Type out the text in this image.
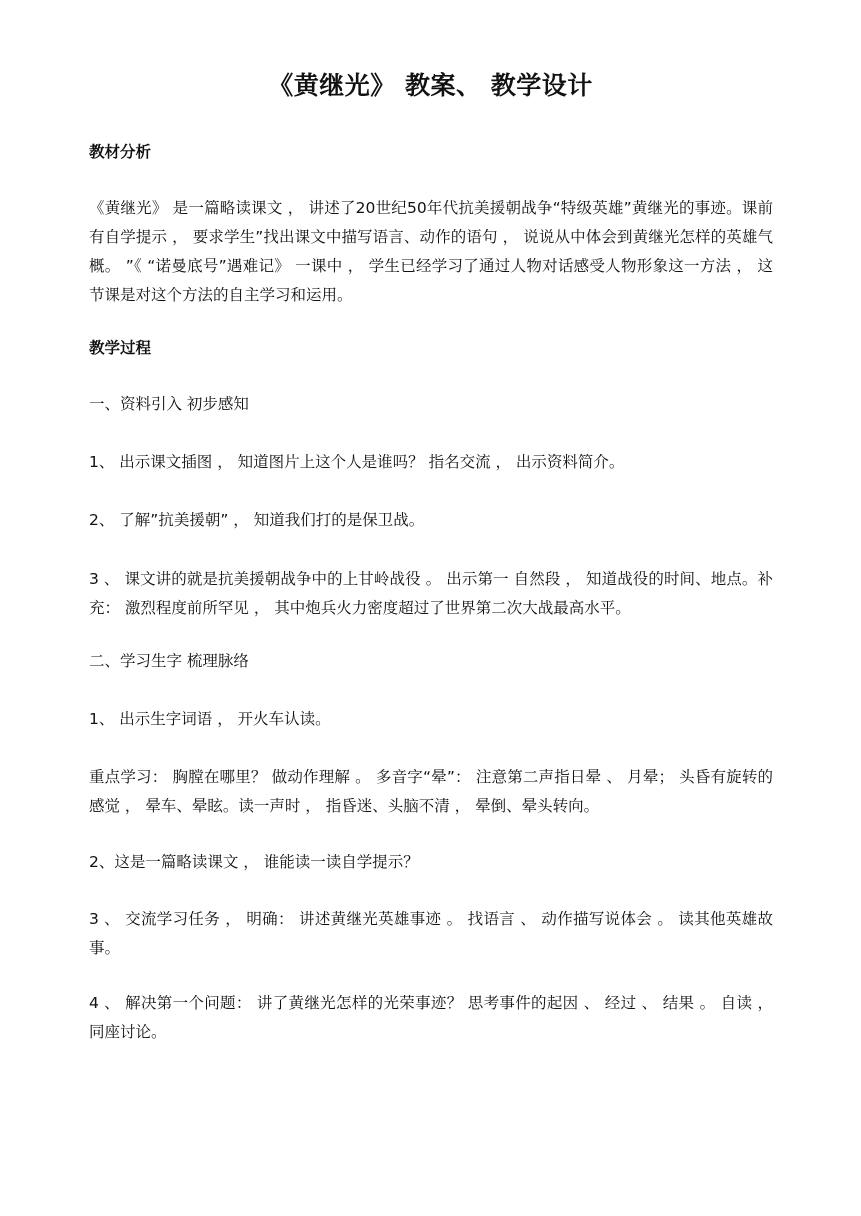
《黄继光》 教案、 教学设计

教材分析

《黄继光》 是一篇略读课文 ， 讲述了20世纪50年代抗美援朝战争“特级英雄”黄继光的事迹。课前有自学提示 ， 要求学生”找出课文中描写语言、动作的语句 ， 说说从中体会到黄继光怎样的英雄气概。 ”《 “诺曼底号”遇难记》 一课中 ， 学生已经学习了通过人物对话感受人物形象这一方法 ， 这节课是对这个方法的自主学习和运用。

教学过程

一、资料引入 初步感知

1、 出示课文插图 ， 知道图片上这个人是谁吗？ 指名交流 ， 出示资料简介。

2、 了解”抗美援朝” ， 知道我们打的是保卫战。

3 、 课文讲的就是抗美援朝战争中的上甘岭战役 。 出示第一 自然段 ， 知道战役的时间、地点。补充： 激烈程度前所罕见 ， 其中炮兵火力密度超过了世界第二次大战最高水平。

二、学习生字 梳理脉络

1、 出示生字词语 ， 开火车认读。

重点学习： 胸膛在哪里？ 做动作理解 。 多音字“晕”： 注意第二声指日晕 、 月晕； 头昏有旋转的感觉 ， 晕车、晕眩。读一声时 ， 指昏迷、头脑不清 ， 晕倒、晕头转向。

2、这是一篇略读课文 ， 谁能读一读自学提示？

3 、 交流学习任务 ， 明确： 讲述黄继光英雄事迹 。 找语言 、 动作描写说体会 。 读其他英雄故事。

4 、 解决第一个问题： 讲了黄继光怎样的光荣事迹？ 思考事件的起因 、 经过 、 结果 。 自读 ， 同座讨论。
